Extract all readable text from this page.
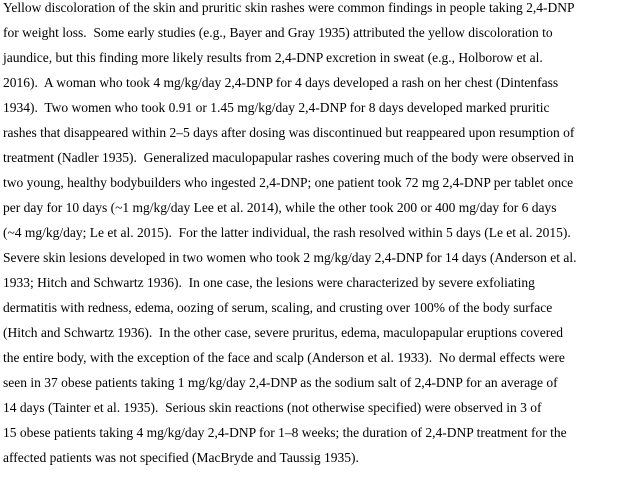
Yellow discoloration of the skin and pruritic skin rashes were common findings in people taking 2,4-DNP
for weight loss.  Some early studies (e.g., Bayer and Gray 1935) attributed the yellow discoloration to
jaundice, but this finding more likely results from 2,4-DNP excretion in sweat (e.g., Holborow et al.
2016).  A woman who took 4 mg/kg/day 2,4-DNP for 4 days developed a rash on her chest (Dintenfass
1934).  Two women who took 0.91 or 1.45 mg/kg/day 2,4-DNP for 8 days developed marked pruritic
rashes that disappeared within 2–5 days after dosing was discontinued but reappeared upon resumption of
treatment (Nadler 1935).  Generalized maculopapular rashes covering much of the body were observed in
two young, healthy bodybuilders who ingested 2,4-DNP; one patient took 72 mg 2,4-DNP per tablet once
per day for 10 days (~1 mg/kg/day Lee et al. 2014), while the other took 200 or 400 mg/day for 6 days
(~4 mg/kg/day; Le et al. 2015).  For the latter individual, the rash resolved within 5 days (Le et al. 2015).
Severe skin lesions developed in two women who took 2 mg/kg/day 2,4-DNP for 14 days (Anderson et al.
1933; Hitch and Schwartz 1936).  In one case, the lesions were characterized by severe exfoliating
dermatitis with redness, edema, oozing of serum, scaling, and crusting over 100% of the body surface
(Hitch and Schwartz 1936).  In the other case, severe pruritus, edema, maculopapular eruptions covered
the entire body, with the exception of the face and scalp (Anderson et al. 1933).  No dermal effects were
seen in 37 obese patients taking 1 mg/kg/day 2,4-DNP as the sodium salt of 2,4-DNP for an average of
14 days (Tainter et al. 1935).  Serious skin reactions (not otherwise specified) were observed in 3 of
15 obese patients taking 4 mg/kg/day 2,4-DNP for 1–8 weeks; the duration of 2,4-DNP treatment for the
affected patients was not specified (MacBryde and Taussig 1935).
